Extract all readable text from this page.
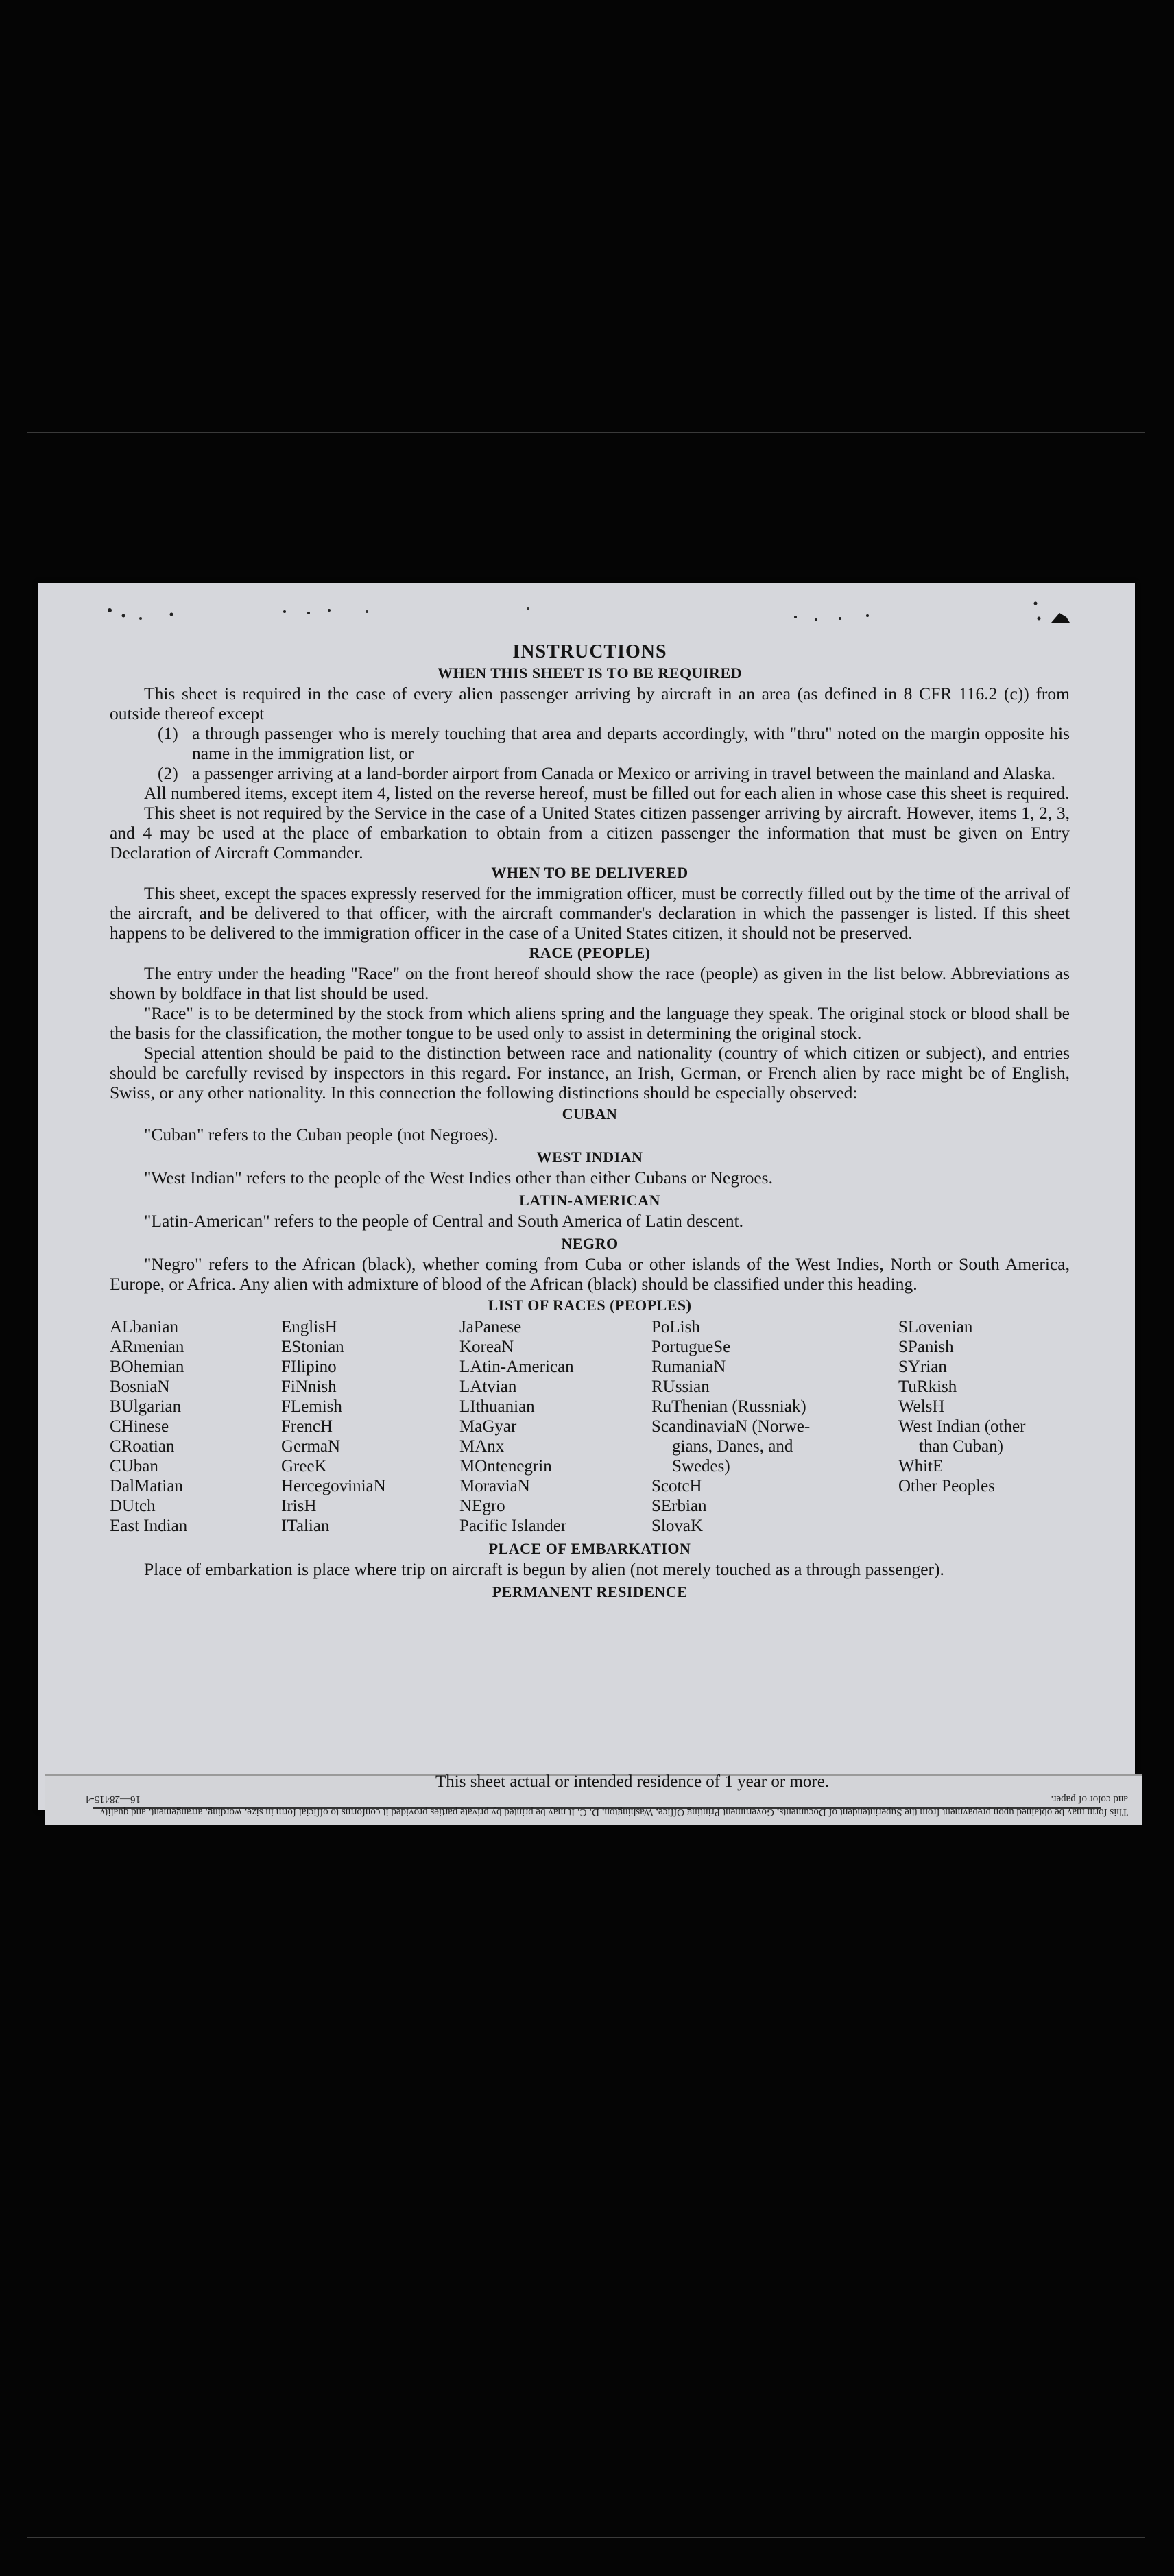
INSTRUCTIONS
WHEN THIS SHEET IS TO BE REQUIRED

This sheet is required in the case of every alien passenger arriving by aircraft in an area (as defined in 8 CFR 116.2 (c)) from outside thereof except

(1) a through passenger who is merely touching that area and departs accordingly, with "thru" noted on the margin opposite his name in the immigration list, or
(2) a passenger arriving at a land-border airport from Canada or Mexico or arriving in travel between the mainland and Alaska.

All numbered items, except item 4, listed on the reverse hereof, must be filled out for each alien in whose case this sheet is required.

This sheet is not required by the Service in the case of a United States citizen passenger arriving by aircraft. However, items 1, 2, 3, and 4 may be used at the place of embarkation to obtain from a citizen passenger the information that must be given on Entry Declaration of Aircraft Commander.

WHEN TO BE DELIVERED

This sheet, except the spaces expressly reserved for the immigration officer, must be correctly filled out by the time of the arrival of the aircraft, and be delivered to that officer, with the aircraft commander's declaration in which the passenger is listed. If this sheet happens to be delivered to the immigration officer in the case of a United States citizen, it should not be preserved.

RACE (PEOPLE)

The entry under the heading "Race" on the front hereof should show the race (people) as given in the list below. Abbreviations as shown by boldface in that list should be used.

"Race" is to be determined by the stock from which aliens spring and the language they speak. The original stock or blood shall be the basis for the classification, the mother tongue to be used only to assist in determining the original stock.

Special attention should be paid to the distinction between race and nationality (country of which citizen or subject), and entries should be carefully revised by inspectors in this regard. For instance, an Irish, German, or French alien by race might be of English, Swiss, or any other nationality. In this connection the following distinctions should be especially observed:

CUBAN

"Cuban" refers to the Cuban people (not Negroes).

WEST INDIAN

"West Indian" refers to the people of the West Indies other than either Cubans or Negroes.

LATIN-AMERICAN

"Latin-American" refers to the people of Central and South America of Latin descent.

NEGRO

"Negro" refers to the African (black), whether coming from Cuba or other islands of the West Indies, North or South America, Europe, or Africa. Any alien with admixture of blood of the African (black) should be classified under this heading.

LIST OF RACES (PEOPLES)
ALbanian
ARmenian
BOhemian
BosniaN
BUlgarian
CHinese
CRoatian
CUban
DalMatian
DUtch
East Indian
EnglisH
EStonian
FIlipino
FiNnish
FLemish
FrencH
GermaN
GreeK
HercegoviniaN
IrisH
ITalian
JaPanese
KoreaN
LAtin-American
LAtvian
LIthuanian
MaGyar
MAnx
MOntenegrin
MoraviaN
NEgro
Pacific Islander
PoLish
PortugueSe
RumaniaN
RUssian
RuThenian (Russniak)
ScandinaviaN (Norwe-
gians, Danes, and
Swedes)
ScotcH
SErbian
SlovaK
SLovenian
SPanish
SYrian
TuRkish
WelsH
West Indian (other
than Cuban)
WhitE
Other Peoples
PLACE OF EMBARKATION

Place of embarkation is place where trip on aircraft is begun by alien (not merely touched as a through passenger).

PERMANENT RESIDENCE
This sheet actual or intended residence of 1 year or more.
This form may be obtained upon prepayment from the Superintendent of Documents, Government Printing Office, Washington, D. C. It may be printed by private parties provided it conforms to official form in size, wording, arrangement, and quality and color of paper.
16—28415-4
